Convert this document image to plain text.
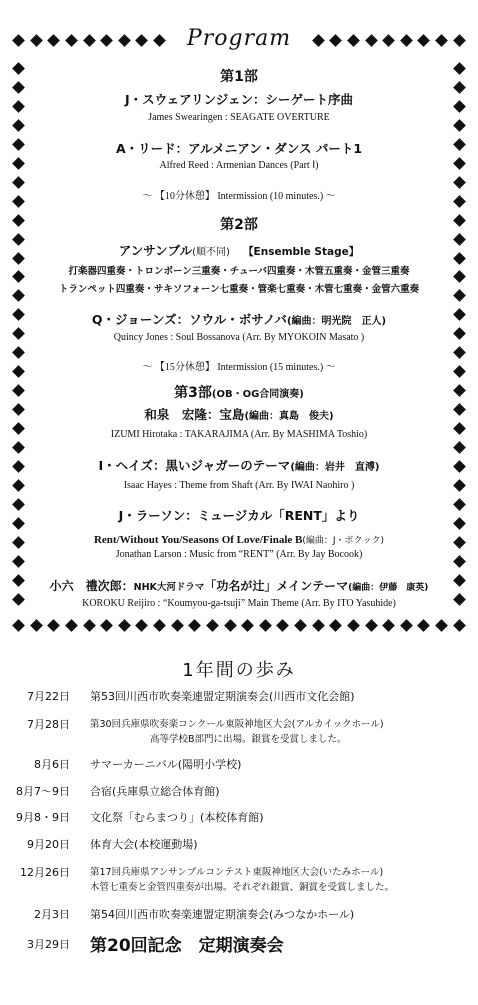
Program
第1部
J・スウェアリンジェン：シーゲート序曲
James Swearingen : SEAGATE OVERTURE
A・リード：アルメニアン・ダンス パート1
Alfred Reed : Armenian Dances (Part Ⅰ)
〜 【10分休憩】 Intermission (10 minutes.) 〜
第2部
アンサンブル(順不同) 【Ensemble Stage】
打楽器四重奏・トロンボーン三重奏・チューバ四重奏・木管五重奏・金管三重奏
トランペット四重奏・サキソフォーン七重奏・管楽七重奏・木管七重奏・金管六重奏
Q・ジョーンズ：ソウル・ボサノバ(編曲：明光院　正人)
Quincy Jones : Soul Bossanova (Arr. By MYOKOIN Masato )
〜 【15分休憩】 Intermission (15 minutes.) 〜
第3部(OB・OG合同演奏)
和泉　宏隆：宝島(編曲：真島　俊夫)
IZUMI Hirotaka : TAKARAJIMA (Arr. By MASHIMA Toshio)
I・ヘイズ：黒いジャガーのテーマ(編曲：岩井　直溥)
Isaac Hayes : Theme from Shaft (Arr. By IWAI Naohiro )
J・ラーソン：ミュージカル「RENT」より
Rent/Without You/Seasons Of Love/Finale B(編曲：J・ボクック)
Jonathan Larson : Music from “RENT” (Arr. By Jay Bocook)
小六　禮次郎：NHK大河ドラマ「功名が辻」メインテーマ(編曲：伊藤　康英)
KOROKU Reijiro : “Koumyou-ga-tsuji” Main Theme (Arr. By ITO Yasuhide)
1年間の歩み
7月22日 第53回川西市吹奏楽連盟定期演奏会(川西市文化会館)
7月28日 第30回兵庫県吹奏楽コンクール東阪神地区大会(アルカイックホール)
高等学校B部門に出場。銀賞を受賞しました。
8月6日 サマーカーニバル(陽明小学校)
8月7〜9日 合宿(兵庫県立総合体育館)
9月8・9日 文化祭「むらまつり」(本校体育館)
9月20日 体育大会(本校運動場)
12月26日 第17回兵庫県アンサンブルコンテスト東阪神地区大会(いたみホール)
木管七重奏と金管四重奏が出場。それぞれ銀賞、銅賞を受賞しました。
2月3日 第54回川西市吹奏楽連盟定期演奏会(みつなかホール)
3月29日 第20回記念　定期演奏会
